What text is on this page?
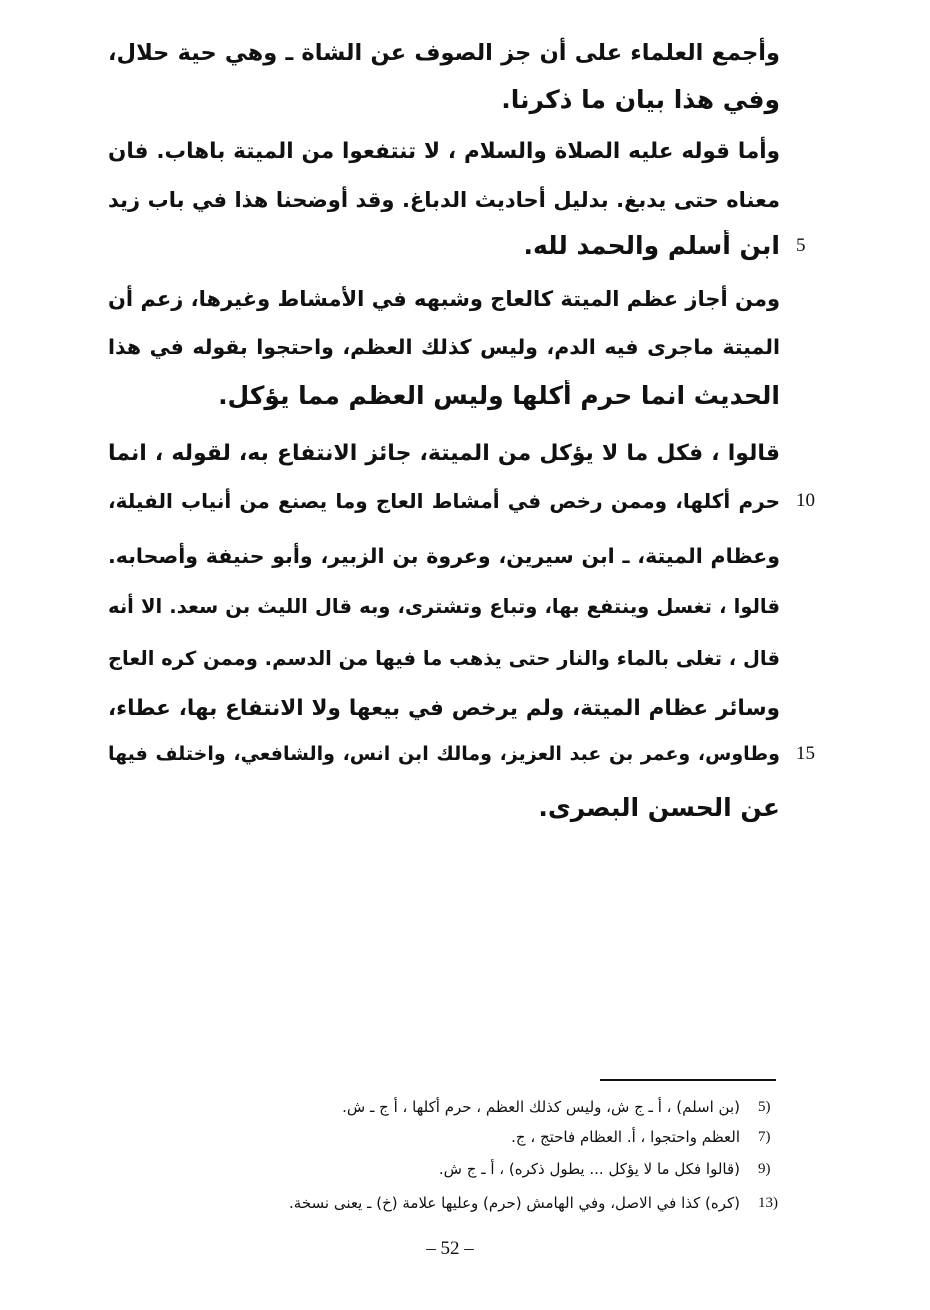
وأجمع العلماء على أن جز الصوف عن الشاة ـ وهي حية حلال،
وفي هذا بيان ما ذكرنا.
وأما قوله عليه الصلاة والسلام ، لا تنتفعوا من الميتة باهاب. فان
معناه حتى يدبغ. بدليل أحاديث الدباغ. وقد أوضحنا هذا في باب زيد
ابن أسلم والحمد لله. 5
ومن أجاز عظم الميتة كالعاج وشبهه في الأمشاط وغيرها، زعم أن
الميتة ماجرى فيه الدم، وليس كذلك العظم، واحتجوا بقوله في هذا
الحديث انما حرم أكلها وليس العظم مما يؤكل.
قالوا ، فكل ما لا يؤكل من الميتة، جائز الانتفاع به، لقوله ، انما
حرم أكلها، وممن رخص في أمشاط العاج وما يصنع من أنياب الفيلة، 10
وعظام الميتة، ـ ابن سيرين، وعروة بن الزبير، وأبو حنيفة وأصحابه.
قالوا ، تغسل وينتفع بها، وتباع وتشترى، وبه قال الليث بن سعد. الا أنه
قال ، تغلى بالماء والنار حتى يذهب ما فيها من الدسم. وممن كره العاج
وسائر عظام الميتة، ولم يرخص في بيعها ولا الانتفاع بها، عطاء،
وطاوس، وعمر بن عبد العزيز، ومالك ابن انس، والشافعي، واختلف فيها 15
عن الحسن البصرى.
5)
(بن اسلم) ، أ ـ ج ش، وليس كذلك العظم ، حرم أكلها ، أ ج ـ ش.
7)
العظم واحتجوا ، أ. العظام فاحتج ، ج.
9)
(قالوا فكل ما لا يؤكل ... يطول ذكره) ، أ ـ ج ش.
13)
(كره) كذا في الاصل، وفي الهامش (حرم) وعليها علامة (خ) ـ يعنى نسخة.
– 52 –
